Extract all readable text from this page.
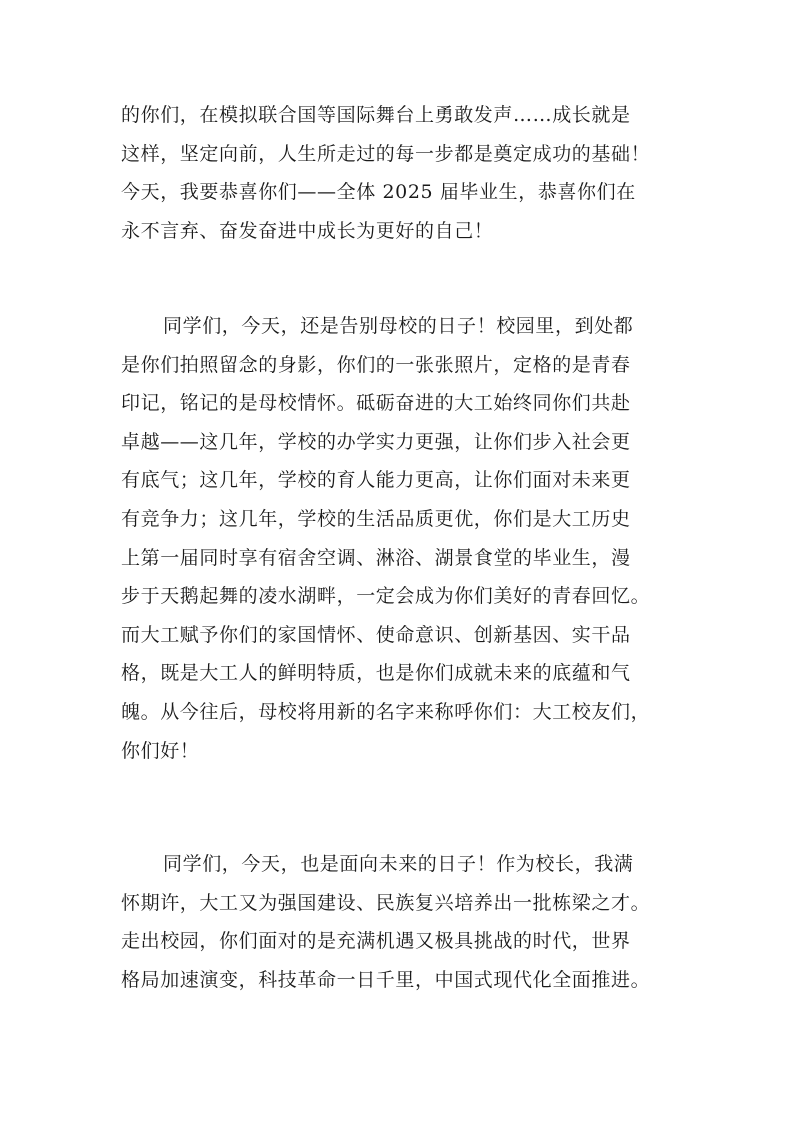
的你们，在模拟联合国等国际舞台上勇敢发声……成长就是
这样，坚定向前，人生所走过的每一步都是奠定成功的基础！
今天，我要恭喜你们——全体 2025 届毕业生，恭喜你们在
永不言弃、奋发奋进中成长为更好的自己！

同学们，今天，还是告别母校的日子！校园里，到处都
是你们拍照留念的身影，你们的一张张照片，定格的是青春
印记，铭记的是母校情怀。砥砺奋进的大工始终同你们共赴
卓越——这几年，学校的办学实力更强，让你们步入社会更
有底气；这几年，学校的育人能力更高，让你们面对未来更
有竞争力；这几年，学校的生活品质更优，你们是大工历史
上第一届同时享有宿舍空调、淋浴、湖景食堂的毕业生，漫
步于天鹅起舞的凌水湖畔，一定会成为你们美好的青春回忆。
而大工赋予你们的家国情怀、使命意识、创新基因、实干品
格，既是大工人的鲜明特质，也是你们成就未来的底蕴和气
魄。从今往后，母校将用新的名字来称呼你们：大工校友们，
你们好！

同学们，今天，也是面向未来的日子！作为校长，我满
怀期许，大工又为强国建设、民族复兴培养出一批栋梁之才。
走出校园，你们面对的是充满机遇又极具挑战的时代，世界
格局加速演变，科技革命一日千里，中国式现代化全面推进。
